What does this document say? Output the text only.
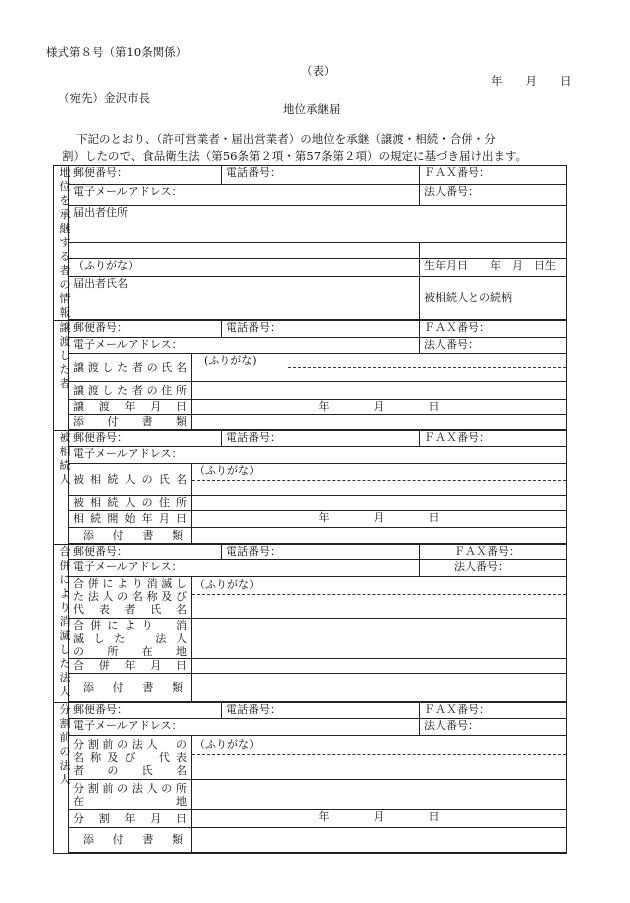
様式第８号（第10条関係）
（表）
年　　月　　日
（宛先）金沢市長
地位承継届
下記のとおり、（許可営業者・届出営業者）の地位を承継（譲渡・相続・合併・分
割）したので、食品衛生法（第56条第２項・第57条第２項）の規定に基づき届け出ます。
地位を承継する者の情報	郵便番号：		電話番号：	ＦＡＸ番号：
	電子メールアドレス：			法人番号：
	届出者住所			

	（ふりがな）			生年月日　　年　月　日生
	届出者氏名			被相続人との続柄

譲渡した者	郵便番号：		電話番号：	ＦＡＸ番号：
	電子メールアドレス：			法人番号：

	譲渡した者の氏名	(ふりがな)		

	譲渡した者の住所			

	譲　渡　年　月　日	年　　　　月　　　　日		

	添　　付　　書　　類			

被相続人	郵便番号：		電話番号：	ＦＡＸ番号：
	電子メールアドレス：			

	被相続人の氏名	（ふりがな）		

	被相続人の住所			

	相続開始年月日	年　　　　月　　　　日		

	添　付　書　類			

合併により消滅した法人	郵便番号：		電話番号：	ＦＡＸ番号：
	電子メールアドレス：			法人番号：

	合併により消滅し
た法人の名称及び
代表者氏名	（ふりがな）		

	合併により　消
滅した　法人
の　所　在　地			

	合　併　年　月　日			

	添　付　書　類			

分割前の法人	郵便番号：		電話番号：	ＦＡＸ番号：
	電子メールアドレス：			法人番号：

	分割前の法人　の
名称及び　代表
者　の　氏　名	（ふりがな）		

	分割前の法人の所
在　　　　　　地			

	分　割　年　月　日	年　　　　月　　　　日		

	添　付　書　類			
